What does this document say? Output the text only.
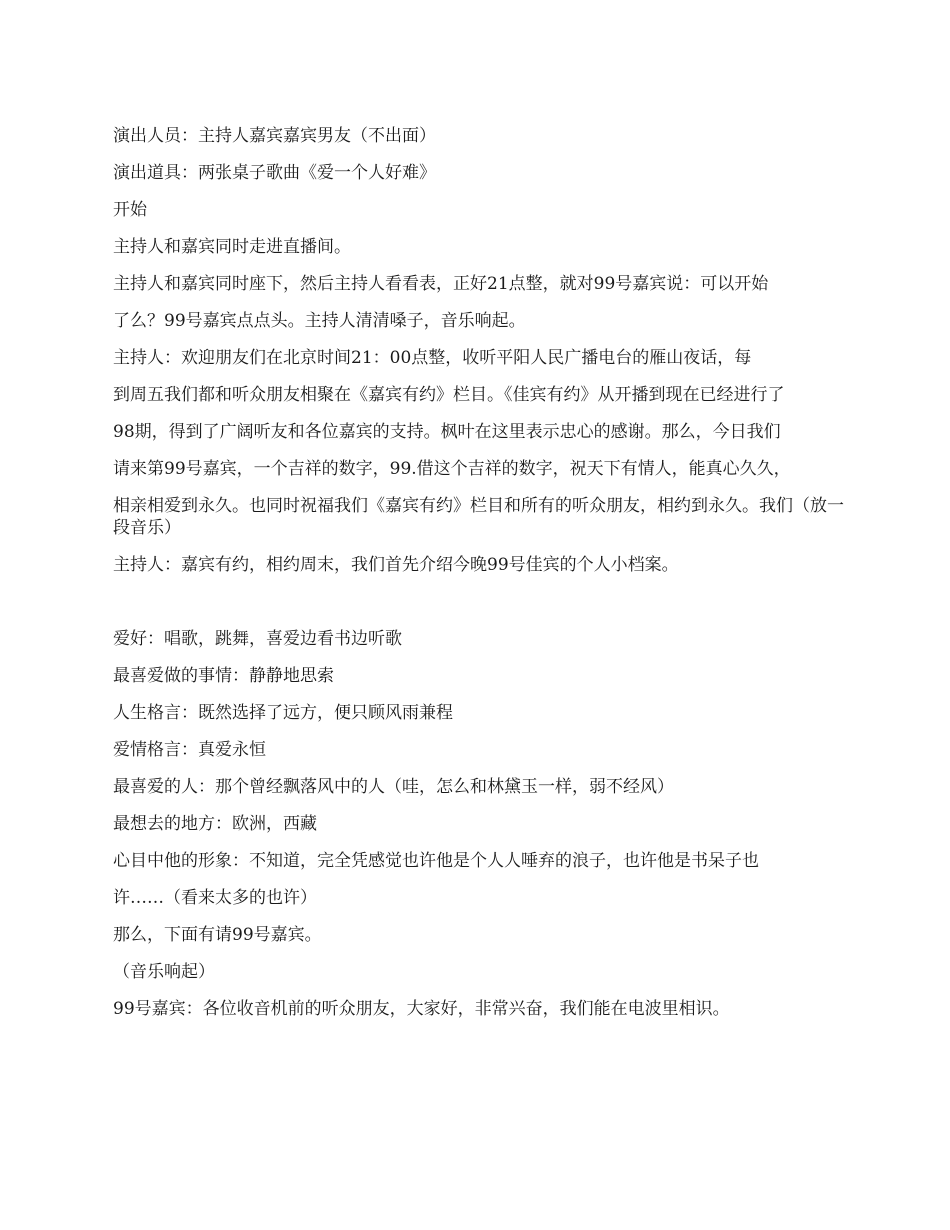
演出人员：主持人嘉宾嘉宾男友（不出面）

演出道具：两张桌子歌曲《爱一个人好难》

开始

主持人和嘉宾同时走进直播间。

主持人和嘉宾同时座下，然后主持人看看表，正好21点整，就对99号嘉宾说：可以开始

了么？99号嘉宾点点头。主持人清清嗓子，音乐响起。

主持人：欢迎朋友们在北京时间21：00点整，收听平阳人民广播电台的雁山夜话，每

到周五我们都和听众朋友相聚在《嘉宾有约》栏目。《佳宾有约》从开播到现在已经进行了

98期，得到了广阔听友和各位嘉宾的支持。枫叶在这里表示忠心的感谢。那么，今日我们

请来第99号嘉宾，一个吉祥的数字，99.借这个吉祥的数字，祝天下有情人，能真心久久，

相亲相爱到永久。也同时祝福我们《嘉宾有约》栏目和所有的听众朋友，相约到永久。我们（放一段音乐）

主持人：嘉宾有约，相约周末，我们首先介绍今晚99号佳宾的个人小档案。

爱好：唱歌，跳舞，喜爱边看书边听歌

最喜爱做的事情：静静地思索

人生格言：既然选择了远方，便只顾风雨兼程

爱情格言：真爱永恒

最喜爱的人：那个曾经飘落风中的人（哇，怎么和林黛玉一样，弱不经风）

最想去的地方：欧洲，西藏

心目中他的形象：不知道，完全凭感觉也许他是个人人唾弃的浪子，也许他是书呆子也

许……（看来太多的也许）

那么，下面有请99号嘉宾。

（音乐响起）

99号嘉宾：各位收音机前的听众朋友，大家好，非常兴奋，我们能在电波里相识。
